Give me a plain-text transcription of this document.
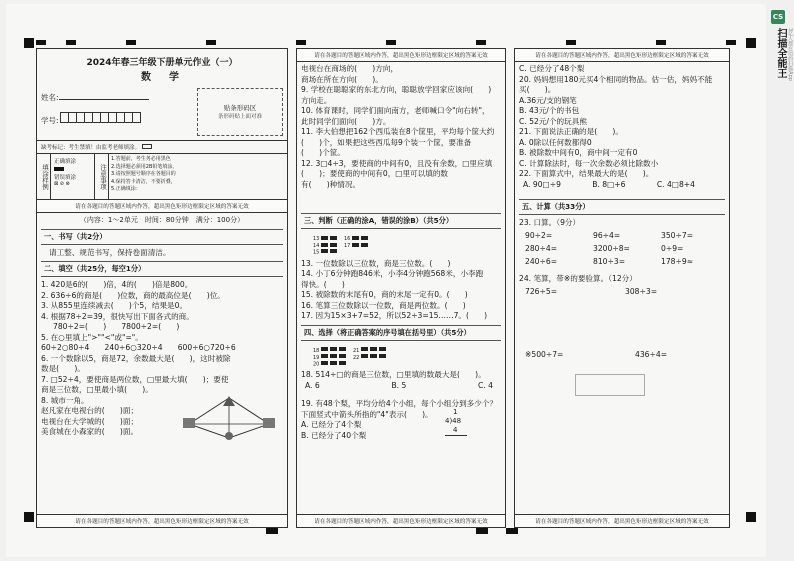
2024年春三年级下册单元作业（一）
数　学
姓名:
学号:
贴条形码区
条形码贴上面对准
缺考标记：考生禁填！由监考老师填涂。
填涂样例
正确填涂
错误填涂
⊠ ⊘ ⊗	注意事项
1.答题前，考生务必用黑色
2.选择题必须用2B铅笔填涂，
3.请按照题号顺序在各题目的
4.保持答卡清洁，不要折叠，
5.正确填涂：
请在各题目的答题区域内作答，超出黑色矩形边框限定区域的答案无效
（内容：1～2单元　时间：80分钟　满分：100分）
一、书写（共2分）
请工整、规范书写，保持卷面清洁。
二、填空（共25分，每空1分）
1. 420是6的(　　)倍，4的(　　)倍是800。
2. 636÷6的商是(　　)位数，商的最高位是(　　)位。
3. 从855里连续减去(　　)个5，结果是0。
4. 根据78÷2=39，很快写出下面各式的商。
780÷2=(　　)　　7800÷2=(　　)
5. 在○里填上">""<"或"="。
60÷2○80÷4　　240÷6○320÷4　　600÷6○720÷6
6. 一个数除以5，商是72，余数最大是(　　)，这时被除
数是(　　)。
7. □52÷4，要使商是两位数，□里最大填(　　)；要使
商是三位数，□里最小填(　　)。
8. 城市一角。
赵凡家在电视台的(　　)面；
电视台在大学城的(　　)面；
美食城在小森家的(　　)面。
请在各题目的答题区域内作答，超出黑色矩形边框限定区域的答案无效
请在各题目的答题区域内作答，超出黑色矩形边框限定区域的答案无效
电视台在商场的(　　)方向，
商场在所在方向(　　)。
9. 学校在聪聪家的东北方向，聪聪放学回家应该向(　　)
方向走。
10. 体育课时，同学们面向南方，老师喊口令"向右转"，
此时同学们面向(　　)方。
11. 李大伯想把162个西瓜装在8个筐里，平均每个筐大约
(　　)个，如果把这些西瓜每9个装一个筐，要准备
(　　)个筐。
12. 3□4÷3，要使商的中间有0，且没有余数，□里应填
(　　)；要使商的中间有0，□里可以填的数
有(　　)种情况。
三、判断（正确的涂A，错误的涂B）（共5分）
13	　16
14	　17
15
13. 一位数除以三位数，商是三位数。(　　)
14. 小丁6分钟跑846米，小李4分钟跑568米，小李跑
得快。(　　)
15. 被除数的末尾有0，商的末尾一定有0。(　　)
16. 笔算三位数除以一位数，商是两位数。(　　)
17. 因为15×3+7=52，所以52÷3=15……7。(　　)
四、选择（将正确答案的序号填在括号里）（共5分）
18	　21
19	　22
20
18. 514÷□的商是三位数，□里填的数最大是(　　)。
A. 6	B. 5	C. 4
19. 有48个梨，平均分给4个小组，每个小组分到多少个？
下面竖式中箭头所指的"4"表示(　　)。
A. 已经分了4个梨
B. 已经分了40个梨
1
4)48
4
请在各题目的答题区域内作答，超出黑色矩形边框限定区域的答案无效
请在各题目的答题区域内作答，超出黑色矩形边框限定区域的答案无效
C. 已经分了48个梨
20. 妈妈想用180元买4个相同的物品。估一估，妈妈不能
买(　　)。
A.36元/支的钢笔
B. 43元/个的书包
C. 52元/个的玩具熊
21. 下面说法正确的是(　　)。
A. 0除以任何数都得0
B. 被除数中间有0，商中间一定有0
C. 计算除法时，每一次余数必须比除数小
22. 下面算式中，结果最大的是(　　)。
A. 90□÷9	B. 8□+6	C. 4□8+4
五、计算（共33分）
23. 口算。（9分）
90÷2=	96÷4=	350÷7=
280÷4=	3200÷8=	0÷9=
240÷6=	810÷3=	178÷9≈
24. 笔算，带※的要验算。（12分）
726÷5=	308÷3=
※500÷7=	436÷4=
请在各题目的答题区域内作答，超出黑色矩形边框限定区域的答案无效
CS
扫描全能王 3亿人都在用的扫描App
